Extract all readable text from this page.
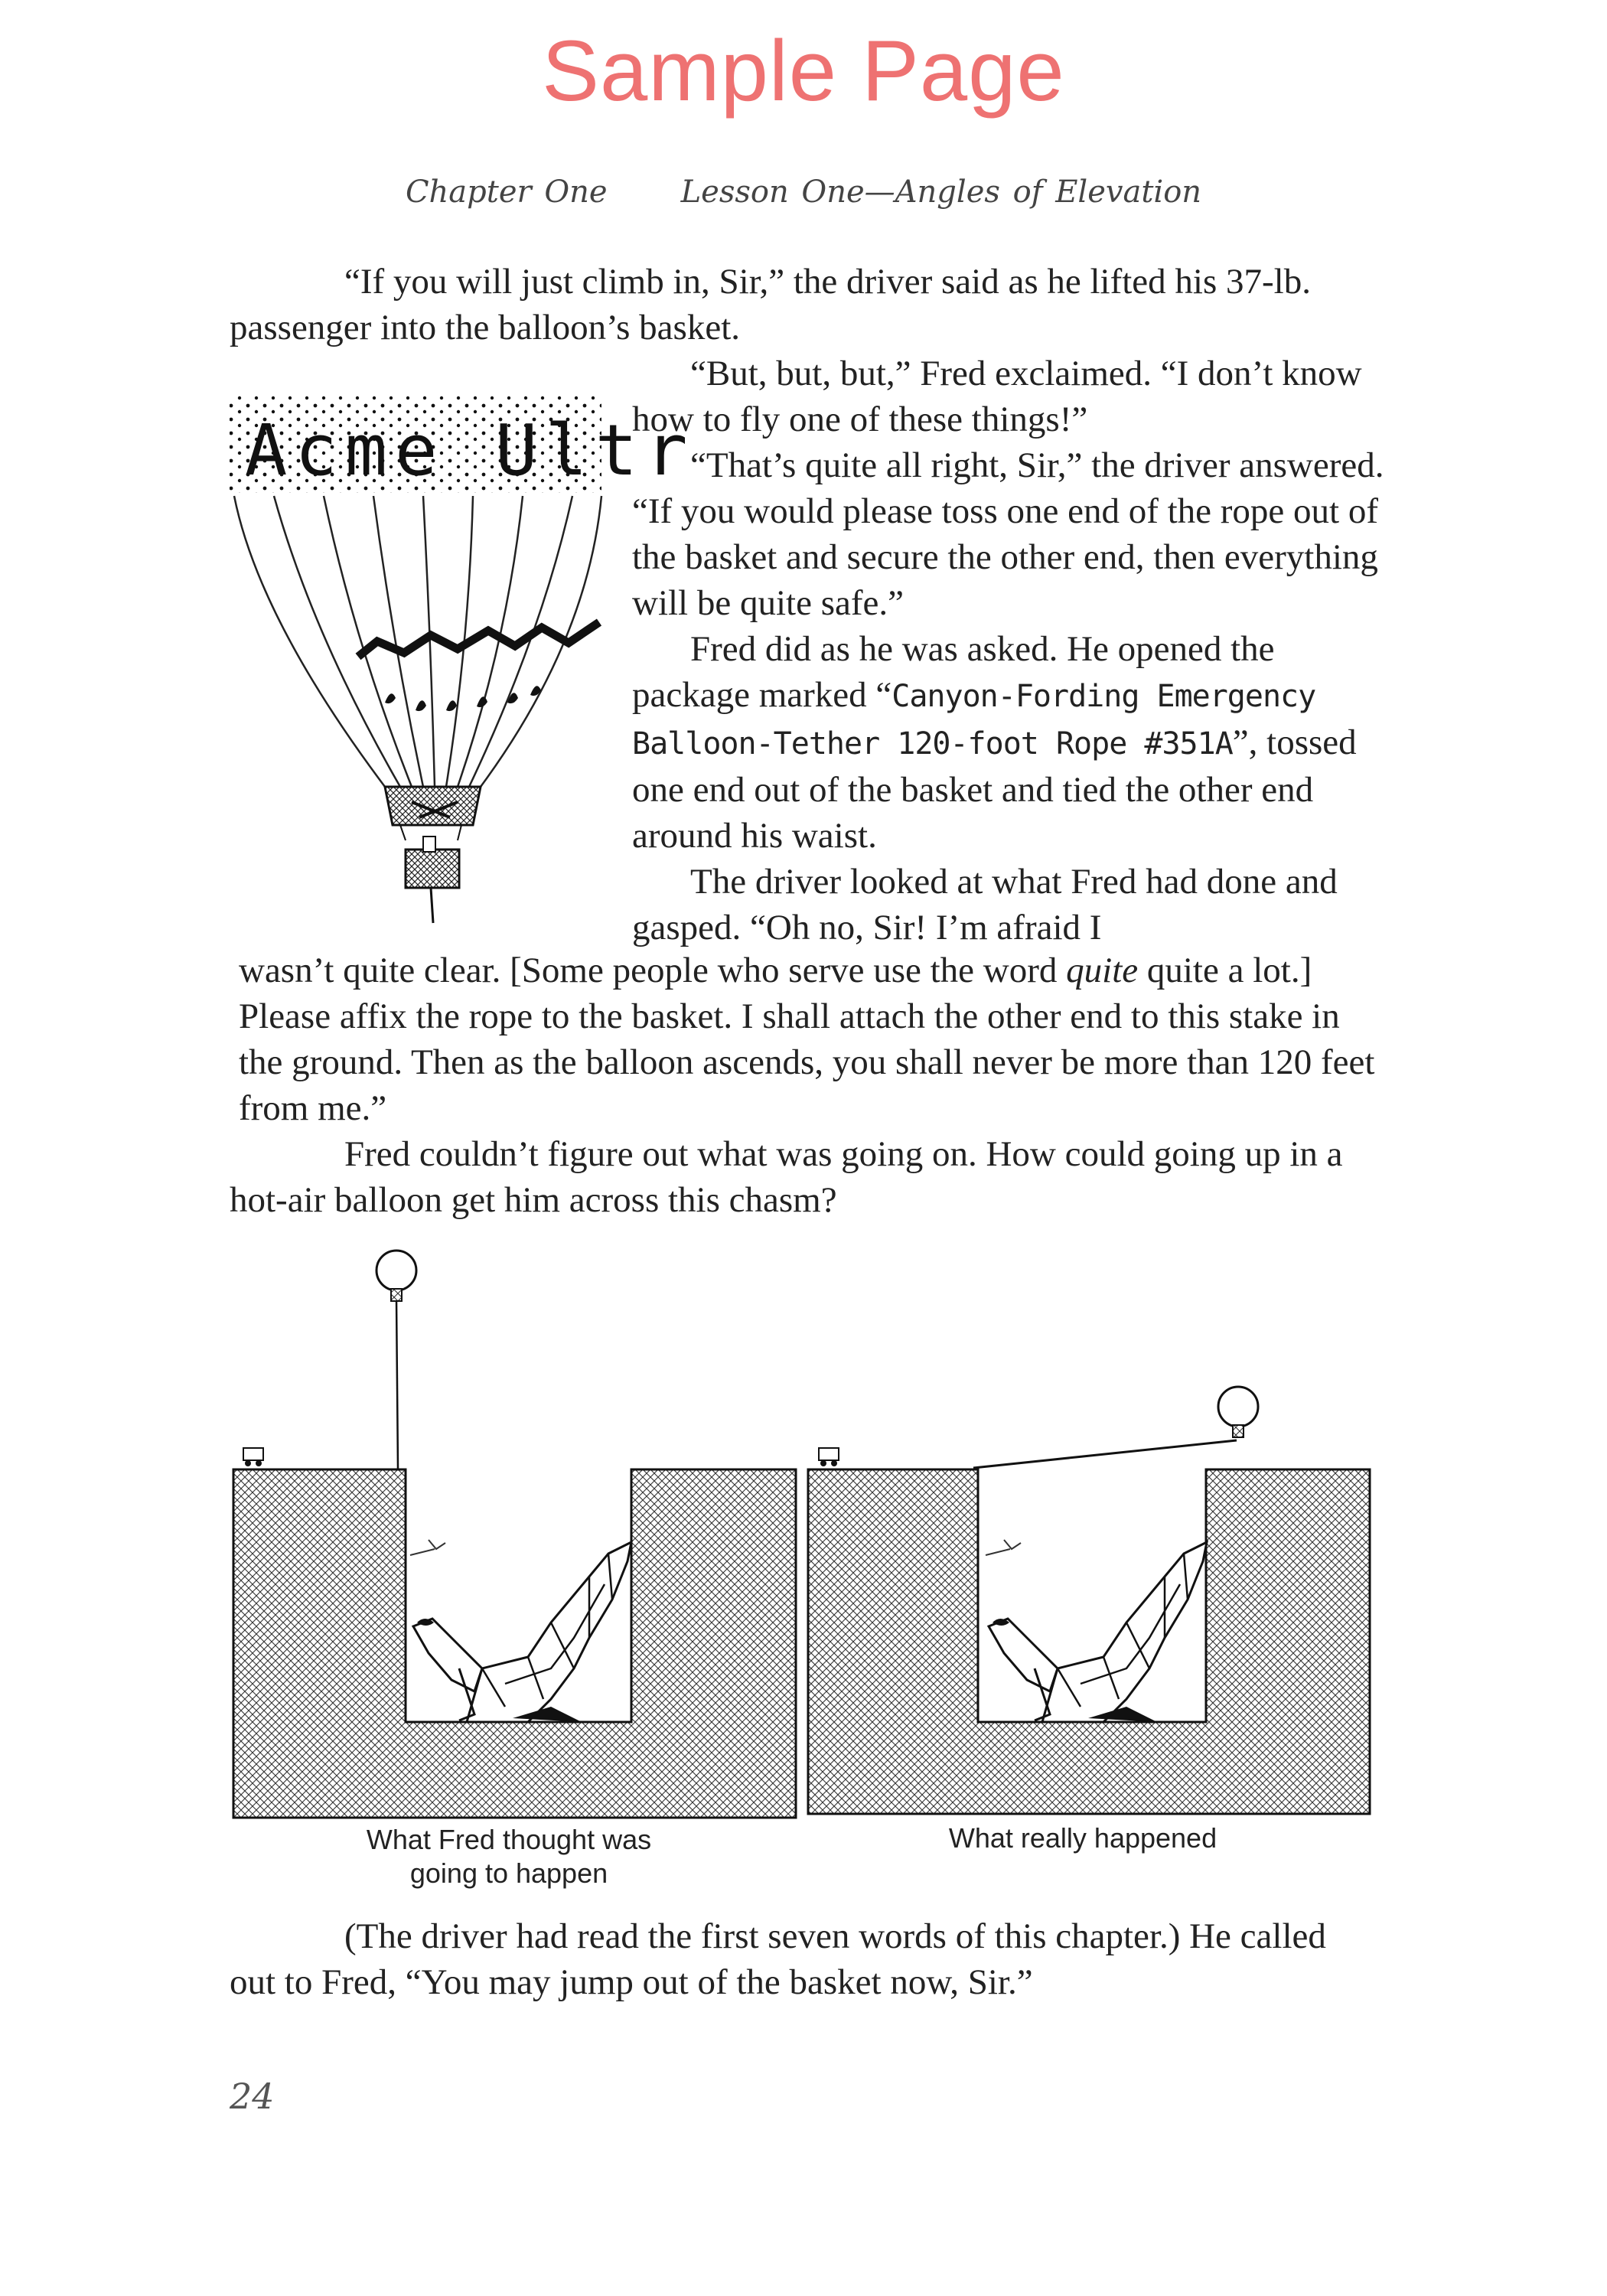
Sample Page
Chapter One Lesson One—Angles of Elevation

“If you will just climb in, Sir,” the driver said as he lifted his 37-lb. passenger into the balloon’s basket.

Acme Ultr

“But, but, but,” Fred exclaimed. “I don’t know how to fly one of these things!”

“That’s quite all right, Sir,” the driver answered. “If you would please toss one end of the rope out of the basket and secure the other end, then everything will be quite safe.”

Fred did as he was asked. He opened the package marked “Canyon-Fording Emergency Balloon-Tether 120-foot Rope #351A”, tossed one end out of the basket and tied the other end around his waist.

The driver looked at what Fred had done and gasped. “Oh no, Sir! I’m afraid I

wasn’t quite clear. [Some people who serve use the word quite quite a lot.] Please affix the rope to the basket. I shall attach the other end to this stake in the ground. Then as the balloon ascends, you shall never be more than 120 feet from me.”

Fred couldn’t figure out what was going on. How could going up in a hot-air balloon get him across this chasm?

What Fred thought was going to happen
What really happened

(The driver had read the first seven words of this chapter.) He called out to Fred, “You may jump out of the basket now, Sir.”

24
